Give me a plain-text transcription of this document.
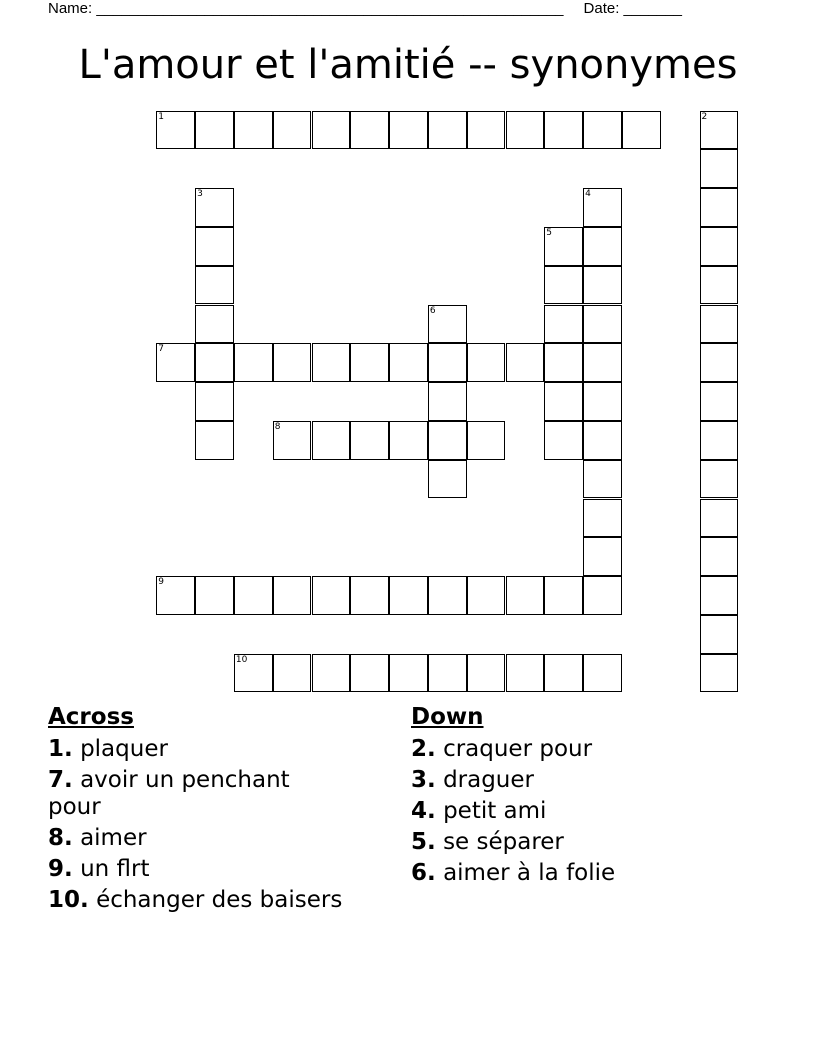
Name: ________________________________________________________ Date: _______
L'amour et l'amitié -- synonymes
1
3	4
5
6
7
8
9
10
2
Across
1. plaquer
7. avoir un penchant pour
8. aimer
9. un flrt
10. échanger des baisers
Down
2. craquer pour
3. draguer
4. petit ami
5. se séparer
6. aimer à la folie
